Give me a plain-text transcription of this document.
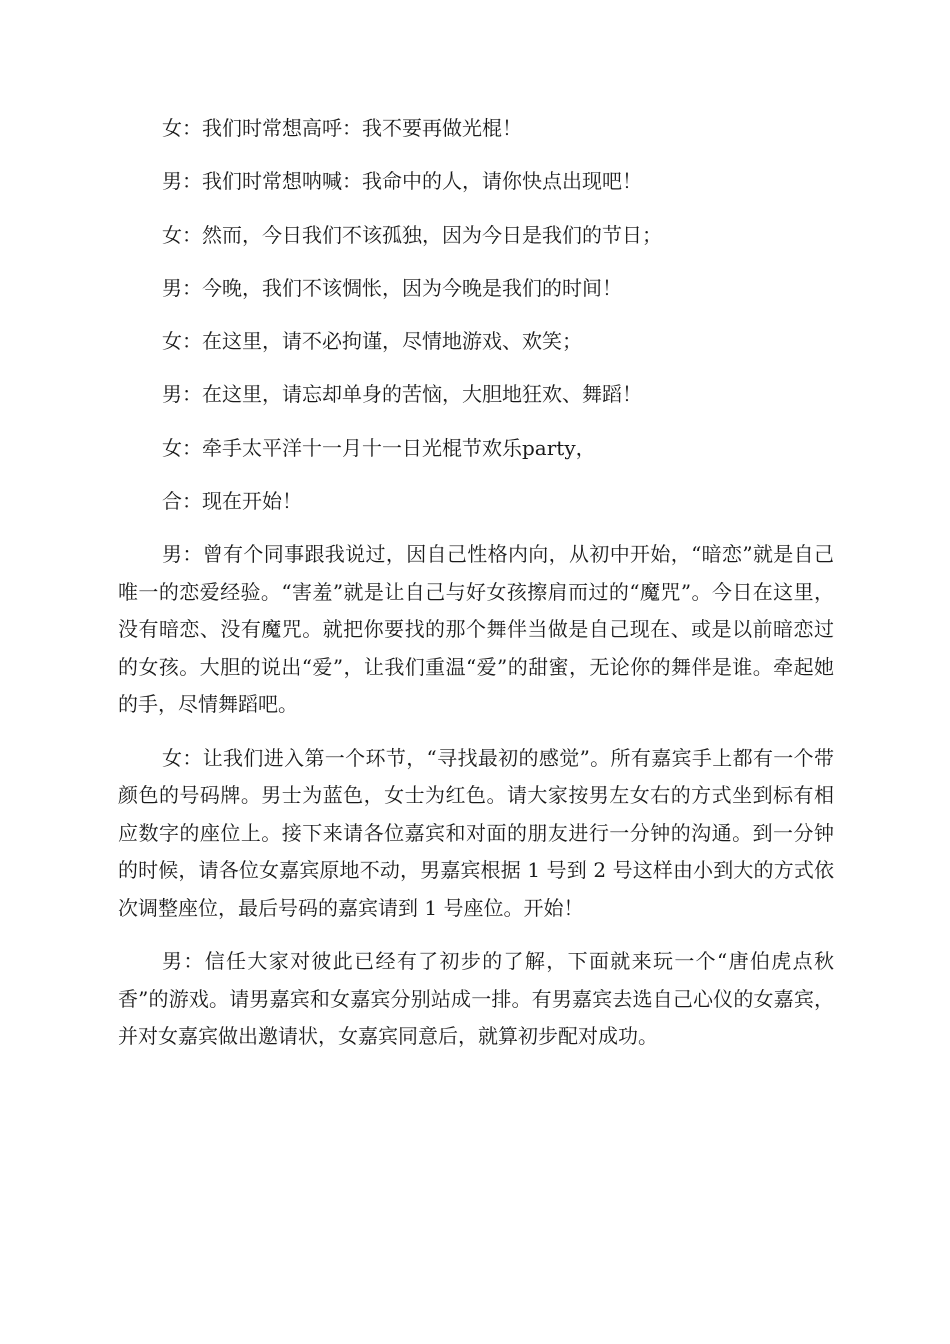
女：我们时常想高呼：我不要再做光棍！

男：我们时常想呐喊：我命中的人，请你快点出现吧！

女：然而，今日我们不该孤独，因为今日是我们的节日；

男：今晚，我们不该惆怅，因为今晚是我们的时间！

女：在这里，请不必拘谨，尽情地游戏、欢笑；

男：在这里，请忘却单身的苦恼，大胆地狂欢、舞蹈！

女：牵手太平洋十一月十一日光棍节欢乐party，

合：现在开始！

男：曾有个同事跟我说过，因自己性格内向，从初中开始，“暗恋”就是自己唯一的恋爱经验。“害羞”就是让自己与好女孩擦肩而过的“魔咒”。今日在这里，没有暗恋、没有魔咒。就把你要找的那个舞伴当做是自己现在、或是以前暗恋过的女孩。大胆的说出“爱”，让我们重温“爱”的甜蜜，无论你的舞伴是谁。牵起她的手，尽情舞蹈吧。

女：让我们进入第一个环节，“寻找最初的感觉”。所有嘉宾手上都有一个带颜色的号码牌。男士为蓝色，女士为红色。请大家按男左女右的方式坐到标有相应数字的座位上。接下来请各位嘉宾和对面的朋友进行一分钟的沟通。到一分钟的时候，请各位女嘉宾原地不动，男嘉宾根据 1 号到 2 号这样由小到大的方式依次调整座位，最后号码的嘉宾请到 1 号座位。开始！

男：信任大家对彼此已经有了初步的了解，下面就来玩一个“唐伯虎点秋香”的游戏。请男嘉宾和女嘉宾分别站成一排。有男嘉宾去选自己心仪的女嘉宾，并对女嘉宾做出邀请状，女嘉宾同意后，就算初步配对成功。
